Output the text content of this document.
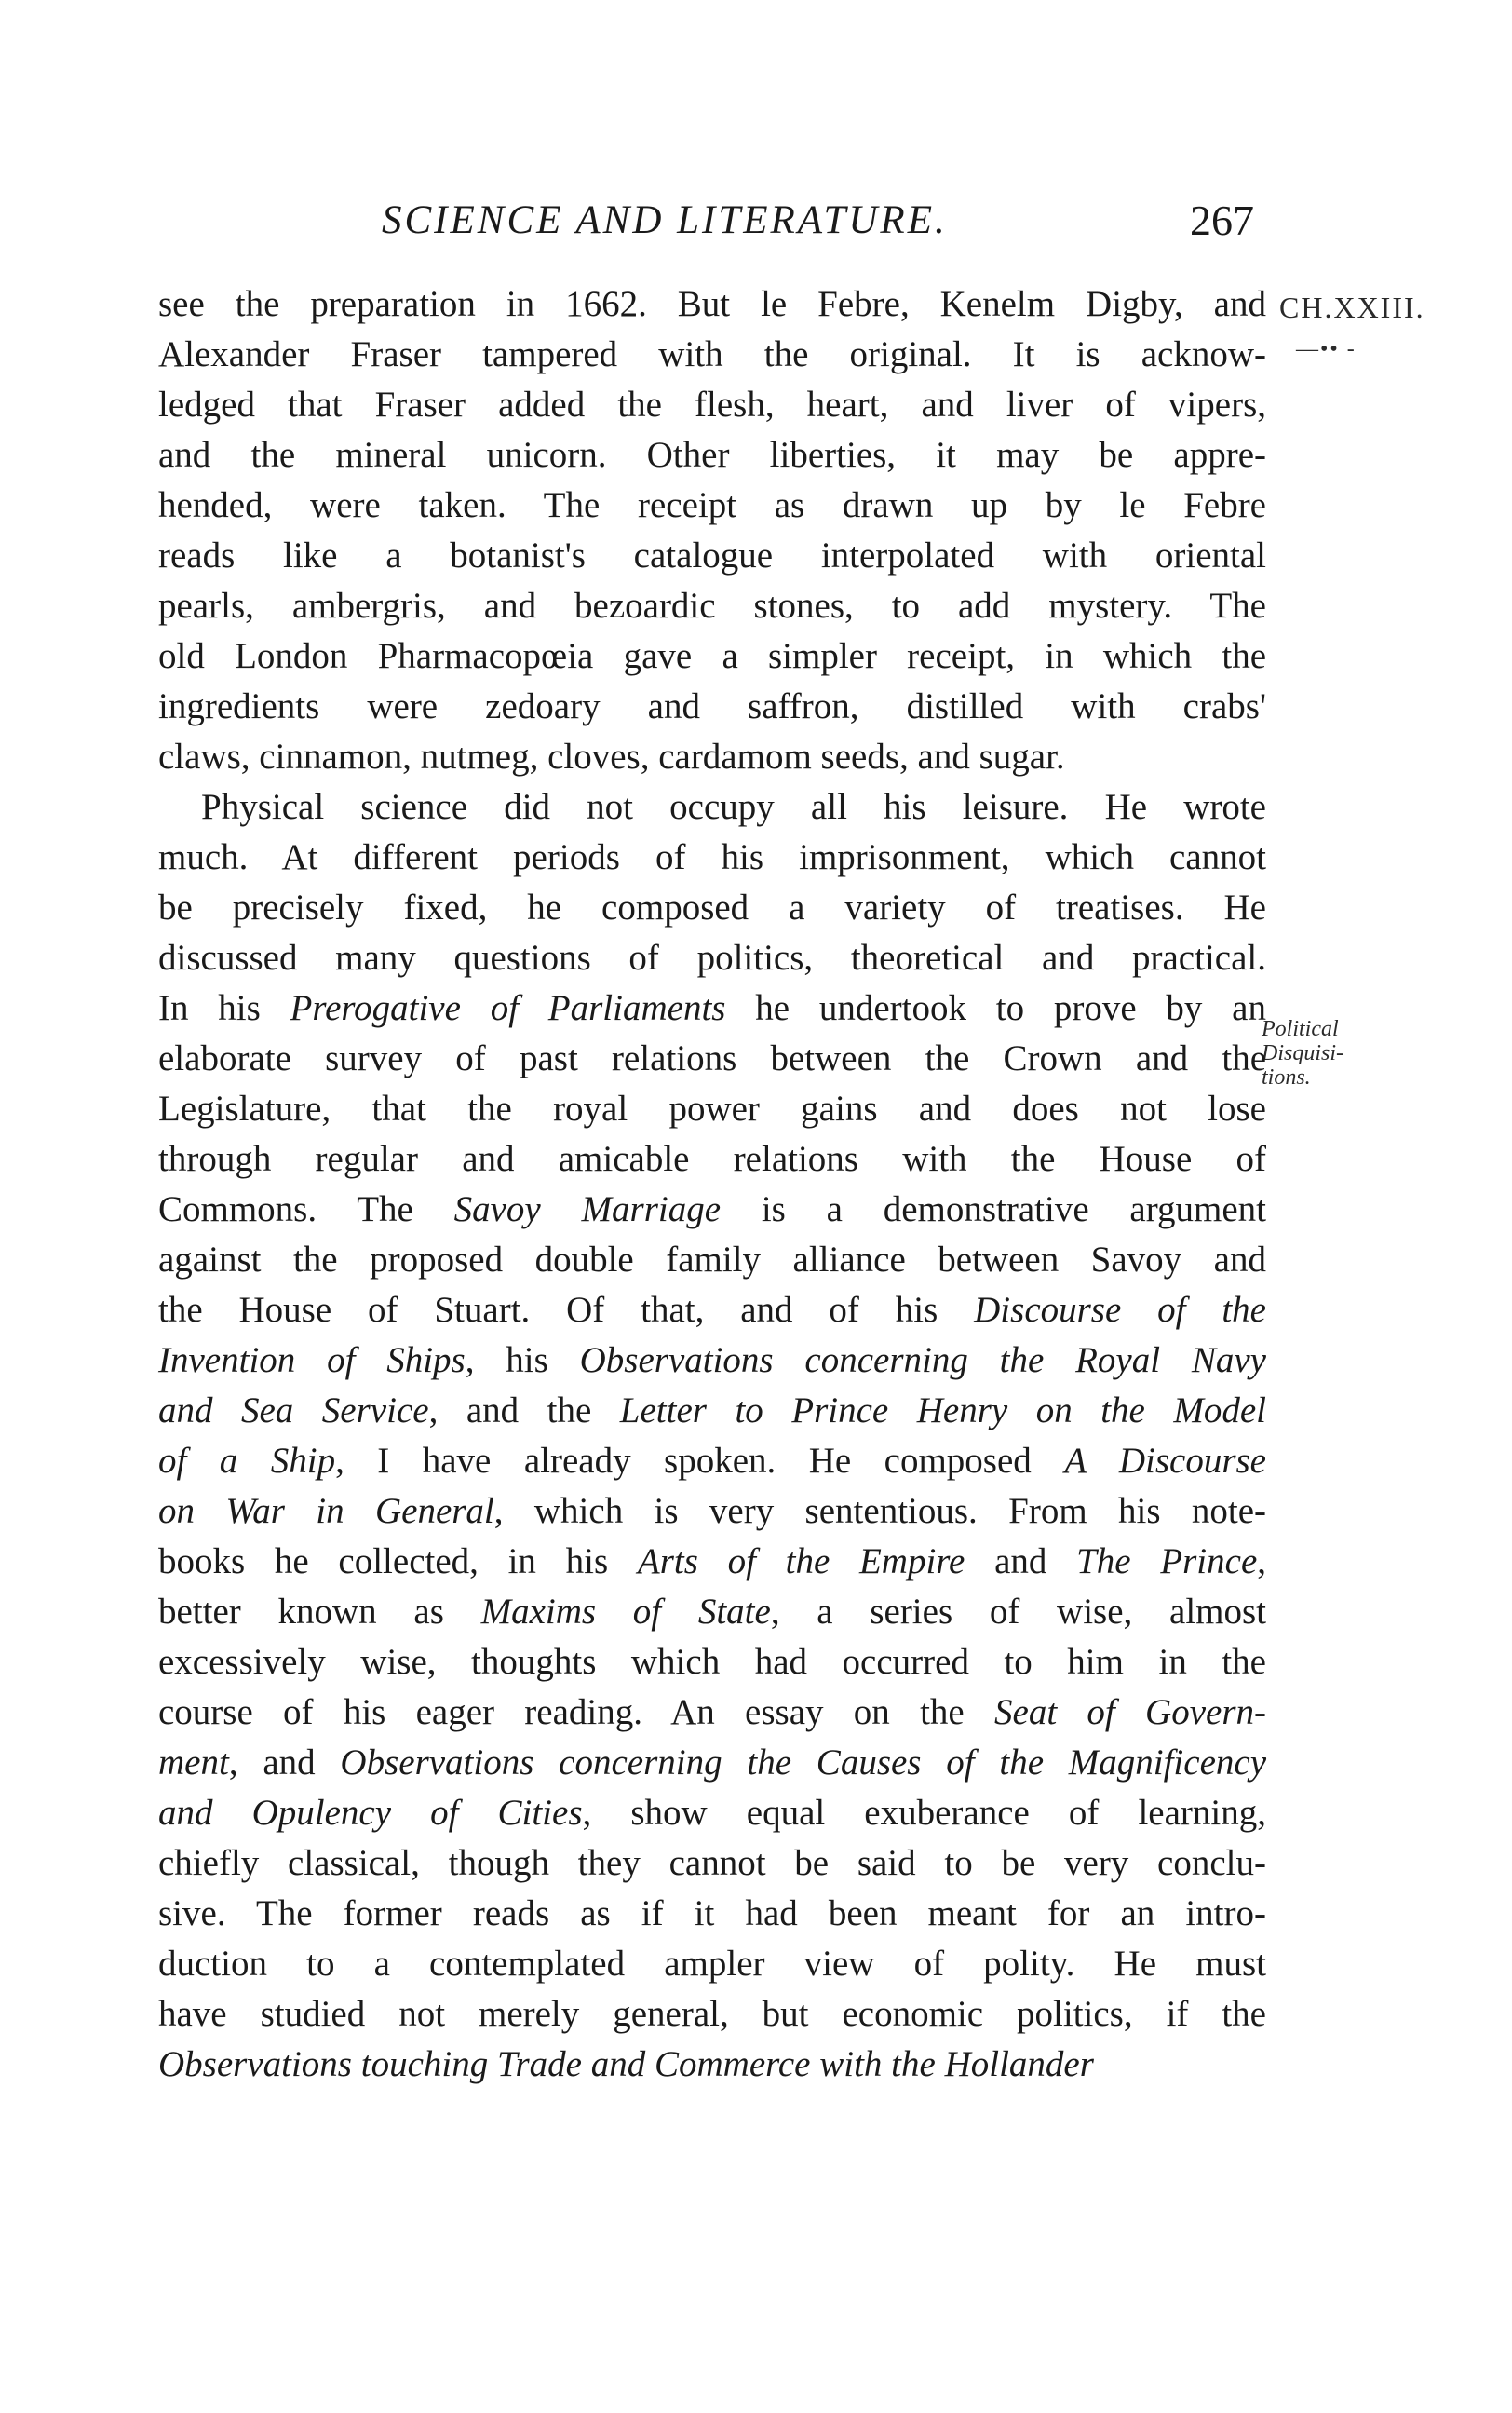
SCIENCE AND LITERATURE.	267
CH.XXIII.
—•• -
Political
Disquisi-
tions.
see the preparation in 1662. But le Febre, Kenelm Digby, and
Alexander Fraser tampered with the original. It is acknow-
ledged that Fraser added the flesh, heart, and liver of vipers,
and the mineral unicorn. Other liberties, it may be appre-
hended, were taken. The receipt as drawn up by le Febre
reads like a botanist's catalogue interpolated with oriental
pearls, ambergris, and bezoardic stones, to add mystery. The
old London Pharmacopœia gave a simpler receipt, in which the
ingredients were zedoary and saffron, distilled with crabs'
claws, cinnamon, nutmeg, cloves, cardamom seeds, and sugar.
Physical science did not occupy all his leisure. He wrote
much. At different periods of his imprisonment, which cannot
be precisely fixed, he composed a variety of treatises. He
discussed many questions of politics, theoretical and practical.
In his Prerogative of Parliaments he undertook to prove by an
elaborate survey of past relations between the Crown and the
Legislature, that the royal power gains and does not lose
through regular and amicable relations with the House of
Commons. The Savoy Marriage is a demonstrative argument
against the proposed double family alliance between Savoy and
the House of Stuart. Of that, and of his Discourse of the
Invention of Ships, his Observations concerning the Royal Navy
and Sea Service, and the Letter to Prince Henry on the Model
of a Ship, I have already spoken. He composed A Discourse
on War in General, which is very sententious. From his note-
books he collected, in his Arts of the Empire and The Prince,
better known as Maxims of State, a series of wise, almost
excessively wise, thoughts which had occurred to him in the
course of his eager reading. An essay on the Seat of Govern-
ment, and Observations concerning the Causes of the Magnificency
and Opulency of Cities, show equal exuberance of learning,
chiefly classical, though they cannot be said to be very conclu-
sive. The former reads as if it had been meant for an intro-
duction to a contemplated ampler view of polity. He must
have studied not merely general, but economic politics, if the
Observations touching Trade and Commerce with the Hollander
